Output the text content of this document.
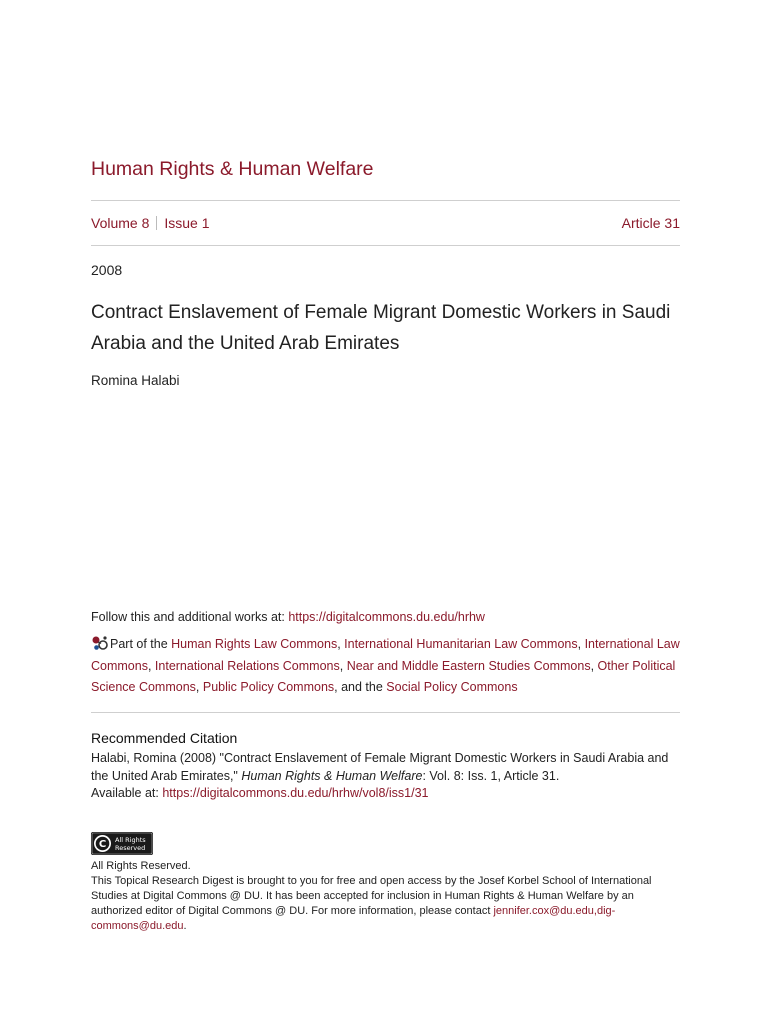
Human Rights & Human Welfare
Volume 8 Issue 1	Article 31
2008
Contract Enslavement of Female Migrant Domestic Workers in Saudi Arabia and the United Arab Emirates
Romina Halabi
Follow this and additional works at: https://digitalcommons.du.edu/hrhw
Part of the Human Rights Law Commons, International Humanitarian Law Commons, International Law Commons, International Relations Commons, Near and Middle Eastern Studies Commons, Other Political Science Commons, Public Policy Commons, and the Social Policy Commons
Recommended Citation
Halabi, Romina (2008) "Contract Enslavement of Female Migrant Domestic Workers in Saudi Arabia and the United Arab Emirates," Human Rights & Human Welfare: Vol. 8: Iss. 1, Article 31.
Available at: https://digitalcommons.du.edu/hrhw/vol8/iss1/31
C All Rights
Reserved
All Rights Reserved.
This Topical Research Digest is brought to you for free and open access by the Josef Korbel School of International Studies at Digital Commons @ DU. It has been accepted for inclusion in Human Rights & Human Welfare by an authorized editor of Digital Commons @ DU. For more information, please contact jennifer.cox@du.edu,dig-commons@du.edu.
